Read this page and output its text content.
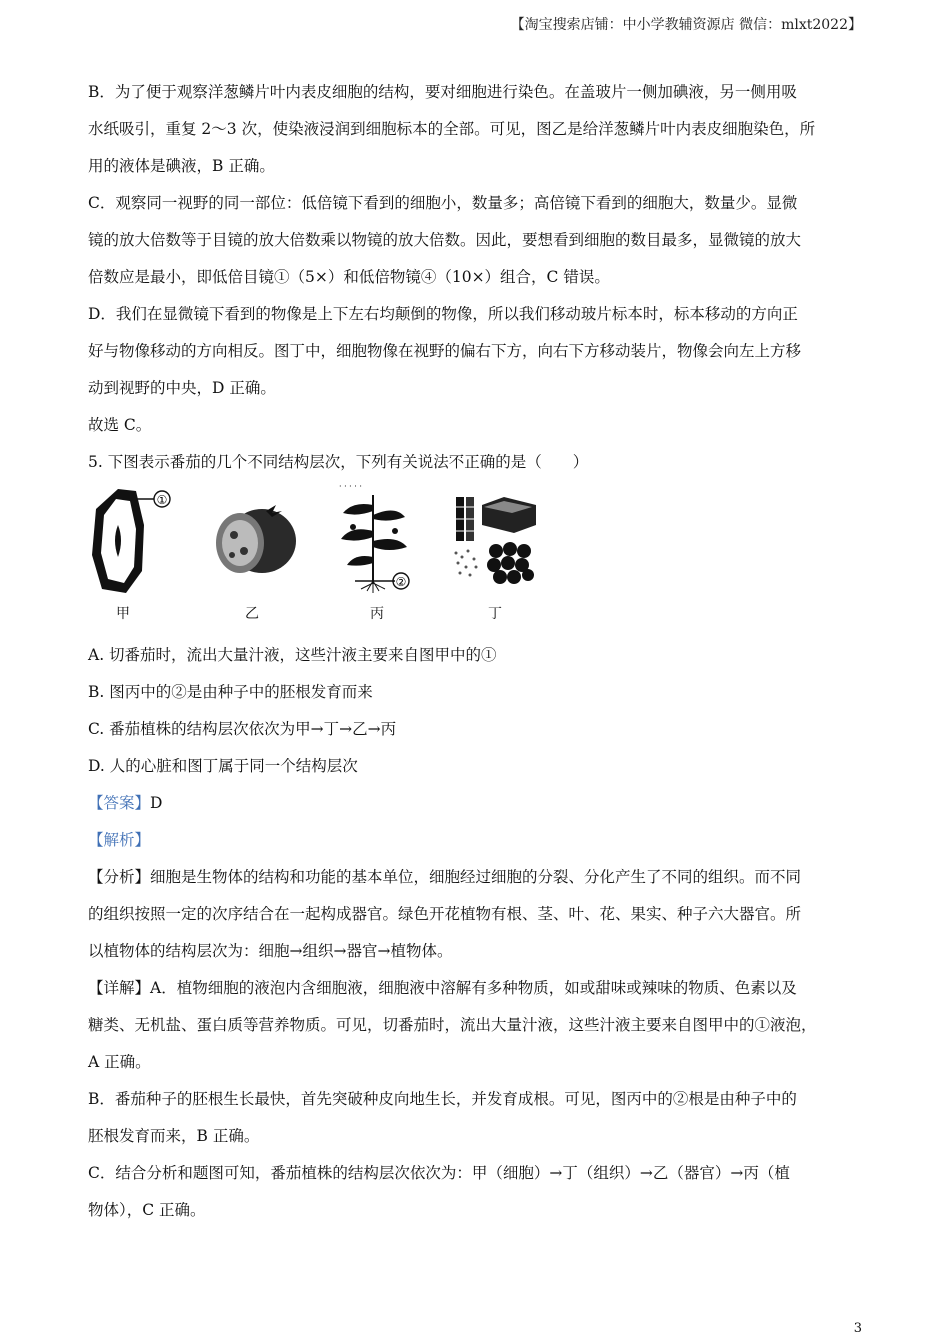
【淘宝搜索店铺：中小学教辅资源店 微信：mlxt2022】

B．为了便于观察洋葱鳞片叶内表皮细胞的结构，要对细胞进行染色。在盖玻片一侧加碘液，另一侧用吸

水纸吸引，重复 2～3 次，使染液浸润到细胞标本的全部。可见，图乙是给洋葱鳞片叶内表皮细胞染色，所

用的液体是碘液，B 正确。

C．观察同一视野的同一部位：低倍镜下看到的细胞小，数量多；高倍镜下看到的细胞大，数量少。显微

镜的放大倍数等于目镜的放大倍数乘以物镜的放大倍数。因此，要想看到细胞的数目最多，显微镜的放大

倍数应是最小，即低倍目镜①（5×）和低倍物镜④（10×）组合，C 错误。

D．我们在显微镜下看到的物像是上下左右均颠倒的物像，所以我们移动玻片标本时，标本移动的方向正

好与物像移动的方向相反。图丁中，细胞物像在视野的偏右下方，向右下方移动装片，物像会向左上方移

动到视野的中央，D 正确。

故选 C。

5. 下图表示番茄的几个不同结构层次，下列有关说法· · · 不正确的是（　　）

①
甲	乙
· · · · ·
②
丙	丁

A. 切番茄时，流出大量汁液，这些汁液主要来自图甲中的①

B. 图丙中的②是由种子中的胚根发育而来

C. 番茄植株的结构层次依次为甲→丁→乙→丙

D. 人的心脏和图丁属于同一个结构层次

【答案】D

【解析】

【分析】细胞是生物体的结构和功能的基本单位，细胞经过细胞的分裂、分化产生了不同的组织。而不同

的组织按照一定的次序结合在一起构成器官。绿色开花植物有根、茎、叶、花、果实、种子六大器官。所

以植物体的结构层次为：细胞→组织→器官→植物体。

【详解】A．植物细胞的液泡内含细胞液，细胞液中溶解有多种物质，如或甜味或辣味的物质、色素以及

糖类、无机盐、蛋白质等营养物质。可见，切番茄时，流出大量汁液，这些汁液主要来自图甲中的①液泡，

A 正确。

B．番茄种子的胚根生长最快，首先突破种皮向地生长，并发育成根。可见，图丙中的②根是由种子中的

胚根发育而来，B 正确。

C．结合分析和题图可知，番茄植株的结构层次依次为：甲（细胞）→丁（组织）→乙（器官）→丙（植

物体），C 正确。

3
